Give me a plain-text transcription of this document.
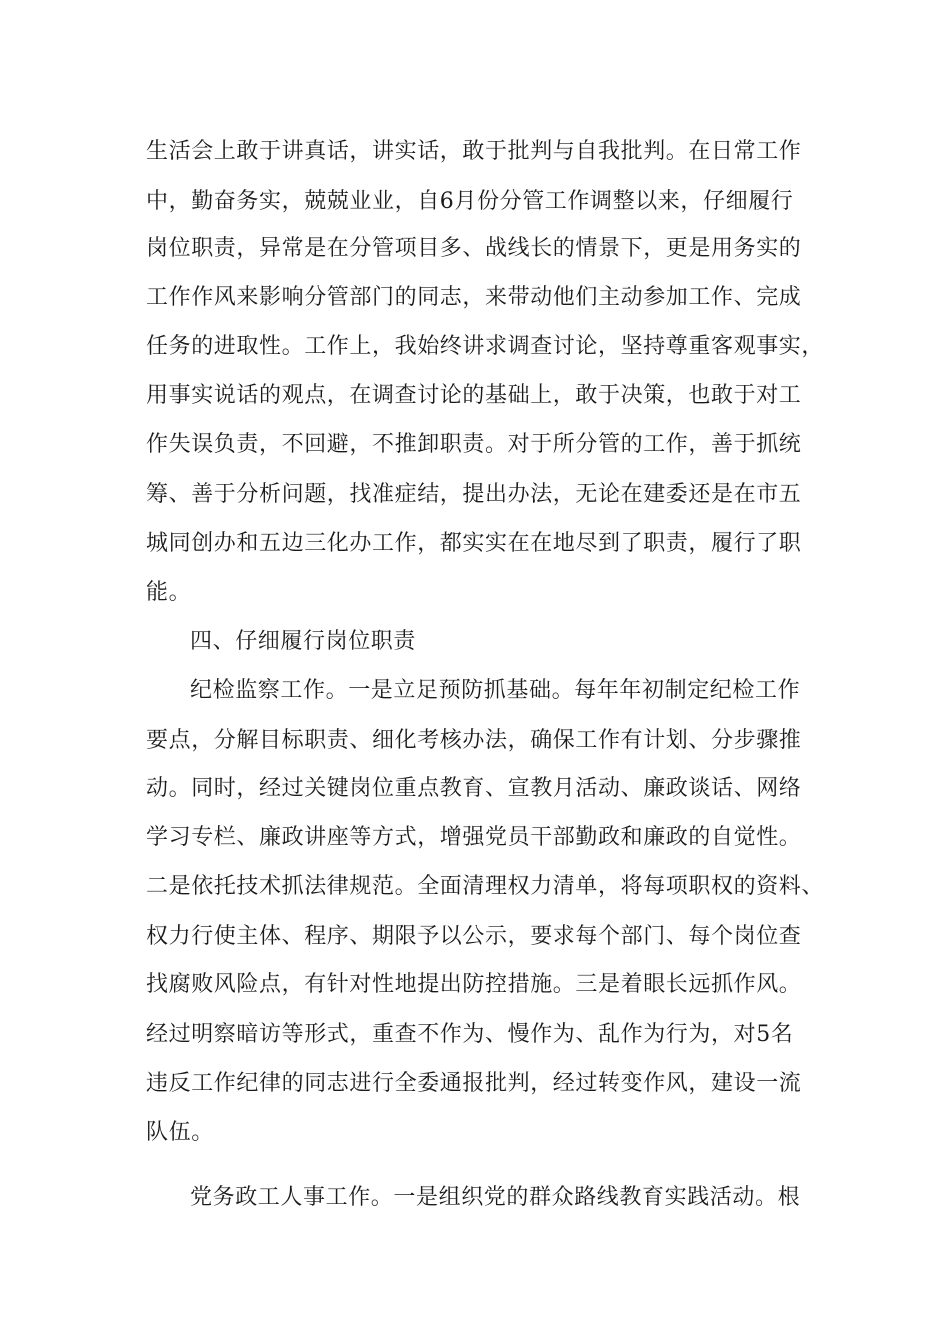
生活会上敢于讲真话，讲实话，敢于批判与自我批判。在日常工作
中，勤奋务实，兢兢业业，自6月份分管工作调整以来，仔细履行
岗位职责，异常是在分管项目多、战线长的情景下，更是用务实的
工作作风来影响分管部门的同志，来带动他们主动参加工作、完成
任务的进取性。工作上，我始终讲求调查讨论，坚持尊重客观事实，
用事实说话的观点，在调查讨论的基础上，敢于决策，也敢于对工
作失误负责，不回避，不推卸职责。对于所分管的工作，善于抓统
筹、善于分析问题，找准症结，提出办法，无论在建委还是在市五
城同创办和五边三化办工作，都实实在在地尽到了职责，履行了职
能。
四、仔细履行岗位职责
纪检监察工作。一是立足预防抓基础。每年年初制定纪检工作
要点，分解目标职责、细化考核办法，确保工作有计划、分步骤推
动。同时，经过关键岗位重点教育、宣教月活动、廉政谈话、网络
学习专栏、廉政讲座等方式，增强党员干部勤政和廉政的自觉性。
二是依托技术抓法律规范。全面清理权力清单，将每项职权的资料、
权力行使主体、程序、期限予以公示，要求每个部门、每个岗位查
找腐败风险点，有针对性地提出防控措施。三是着眼长远抓作风。
经过明察暗访等形式，重查不作为、慢作为、乱作为行为，对5名
违反工作纪律的同志进行全委通报批判，经过转变作风，建设一流
队伍。
党务政工人事工作。一是组织党的群众路线教育实践活动。根
